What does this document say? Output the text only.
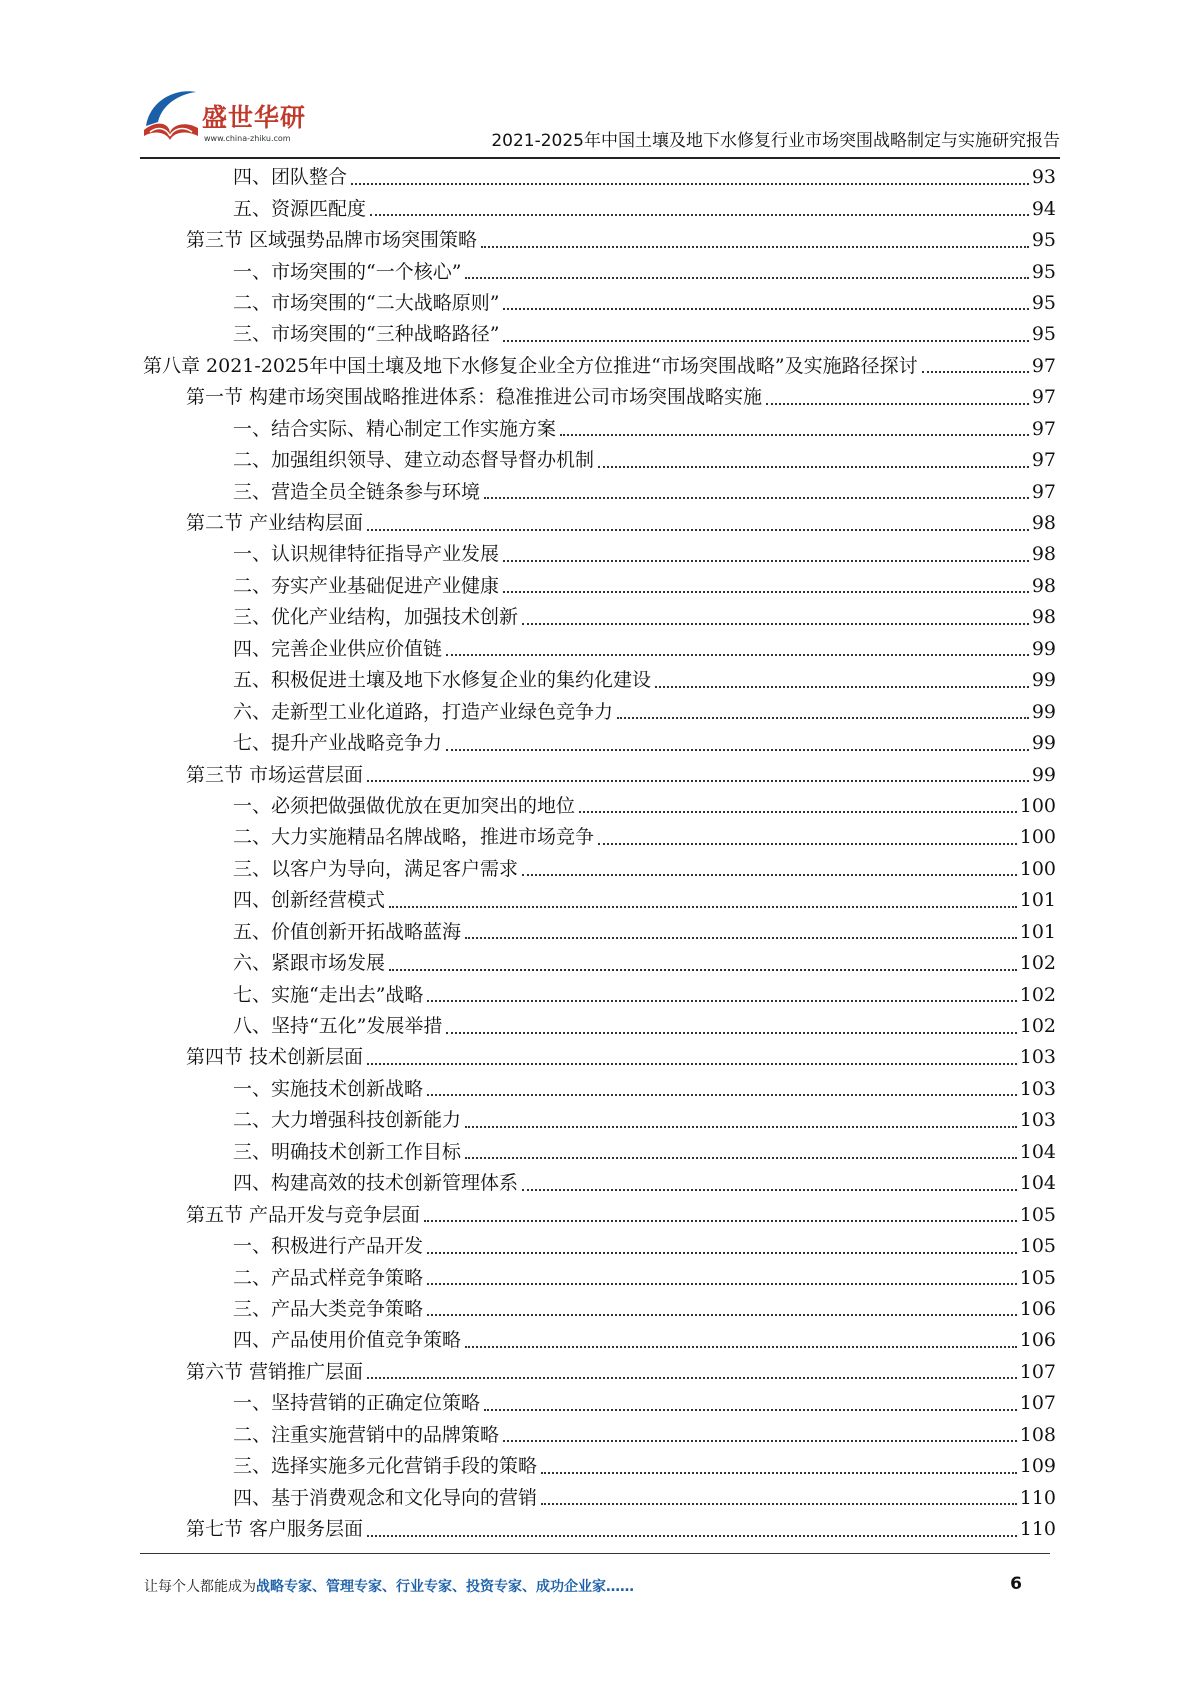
盛世华研
www.china-zhiku.com	2021-2025年中国土壤及地下水修复行业市场突围战略制定与实施研究报告
四、团队整合	93
五、资源匹配度	94
第三节 区域强势品牌市场突围策略	95
一、市场突围的“一个核心”	95
二、市场突围的“二大战略原则”	95
三、市场突围的“三种战略路径”	95
第八章 2021-2025年中国土壤及地下水修复企业全方位推进“市场突围战略”及实施路径探讨	97
第一节 构建市场突围战略推进体系：稳准推进公司市场突围战略实施	97
一、结合实际、精心制定工作实施方案	97
二、加强组织领导、建立动态督导督办机制	97
三、营造全员全链条参与环境	97
第二节 产业结构层面	98
一、认识规律特征指导产业发展	98
二、夯实产业基础促进产业健康	98
三、优化产业结构，加强技术创新	98
四、完善企业供应价值链	99
五、积极促进土壤及地下水修复企业的集约化建设	99
六、走新型工业化道路，打造产业绿色竞争力	99
七、提升产业战略竞争力	99
第三节 市场运营层面	99
一、必须把做强做优放在更加突出的地位	100
二、大力实施精品名牌战略，推进市场竞争	100
三、以客户为导向，满足客户需求	100
四、创新经营模式	101
五、价值创新开拓战略蓝海	101
六、紧跟市场发展	102
七、实施“走出去”战略	102
八、坚持“五化”发展举措	102
第四节 技术创新层面	103
一、实施技术创新战略	103
二、大力增强科技创新能力	103
三、明确技术创新工作目标	104
四、构建高效的技术创新管理体系	104
第五节 产品开发与竞争层面	105
一、积极进行产品开发	105
二、产品式样竞争策略	105
三、产品大类竞争策略	106
四、产品使用价值竞争策略	106
第六节 营销推广层面	107
一、坚持营销的正确定位策略	107
二、注重实施营销中的品牌策略	108
三、选择实施多元化营销手段的策略	109
四、基于消费观念和文化导向的营销	110
第七节 客户服务层面	110
让每个人都能成为战略专家、管理专家、行业专家、投资专家、成功企业家……	6
